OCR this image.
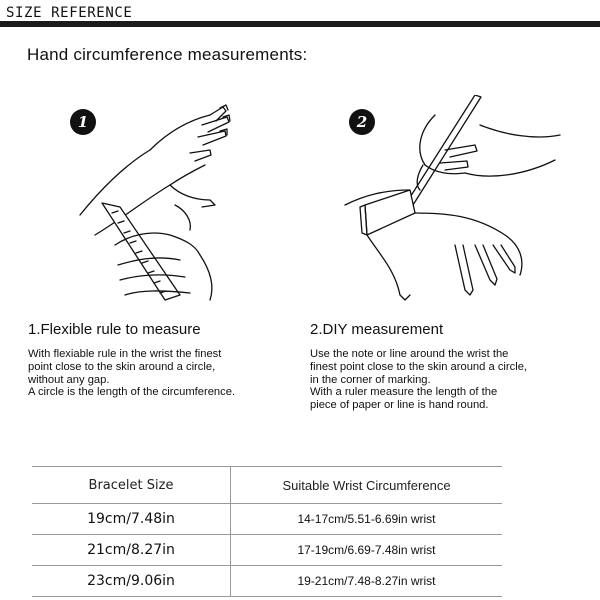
SIZE REFERENCE
Hand circumference measurements:
1
1.Flexible rule to measure
With flexiable rule in the wrist the finest
point close to the skin around a circle,
without any gap.
A circle is the length of the circumference.
2
2.DIY measurement
Use the note or line around the wrist the
finest point close to the skin around a circle,
in the corner of marking.
With a ruler measure the length of the
piece of paper or line is hand round.
Bracelet Size	Suitable Wrist Circumference
19cm/7.48in	14-17cm/5.51-6.69in wrist
21cm/8.27in	17-19cm/6.69-7.48in wrist
23cm/9.06in	19-21cm/7.48-8.27in wrist
